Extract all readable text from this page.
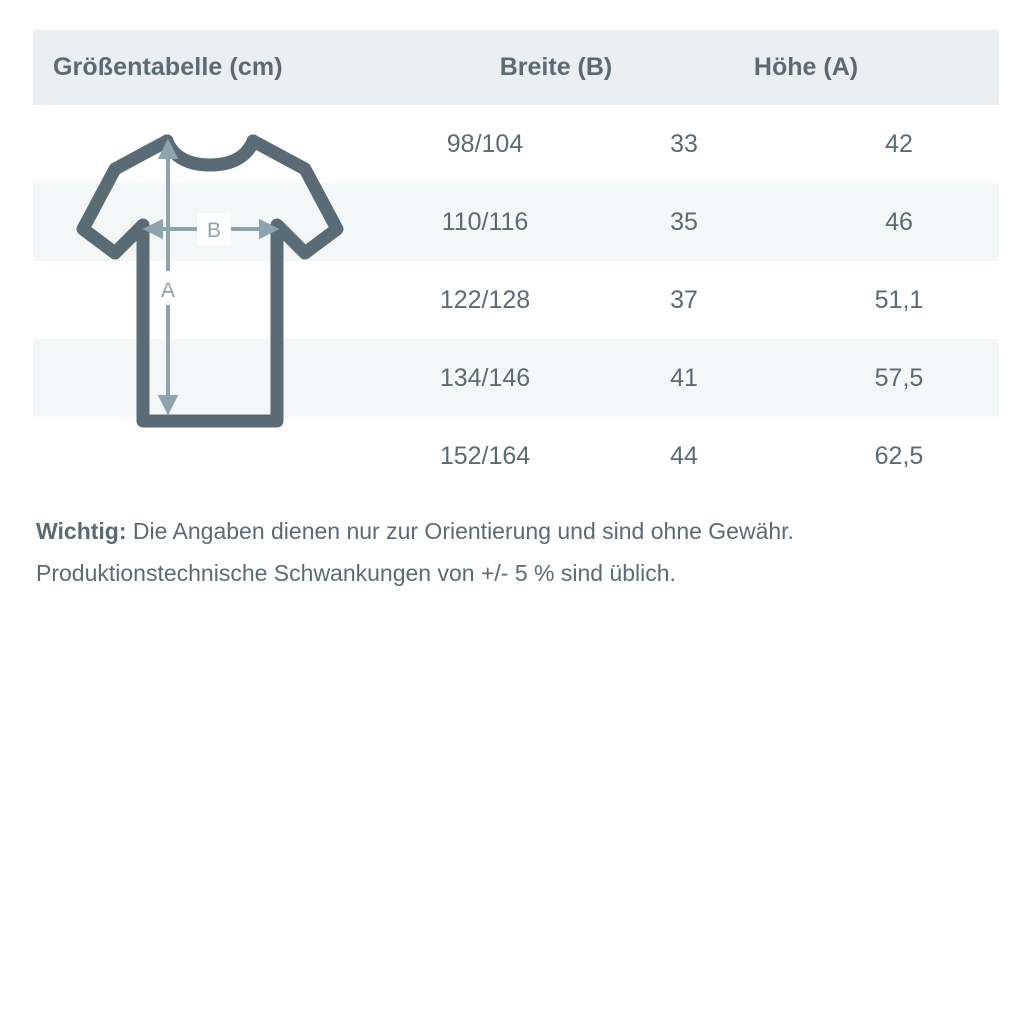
Größentabelle (cm)	Breite (B)	Höhe (A)
B
A
98/104	33	42
110/116	35	46
122/128	37	51,1
134/146	41	57,5
152/164	44	62,5
Wichtig: Die Angaben dienen nur zur Orientierung und sind ohne Gewähr. Produktionstechnische Schwankungen von +/- 5 % sind üblich.
